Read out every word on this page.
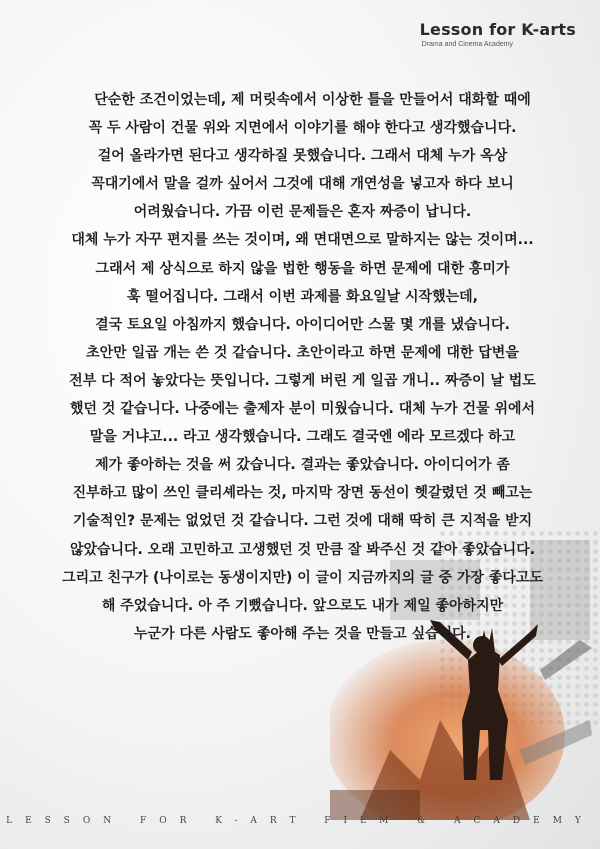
Lesson for K-arts
Drama and Cinema Academy
단순한 조건이었는데, 제 머릿속에서 이상한 틀을 만들어서 대화할 때에
꼭 두 사람이 건물 위와 지면에서 이야기를 해야 한다고 생각했습니다.
걸어 올라가면 된다고 생각하질 못했습니다. 그래서 대체 누가 옥상
꼭대기에서 말을 걸까 싶어서 그것에 대해 개연성을 넣고자 하다 보니
어려웠습니다. 가끔 이런 문제들은 혼자 짜증이 납니다.
대체 누가 자꾸 편지를 쓰는 것이며, 왜 면대면으로 말하지는 않는 것이며...
그래서 제 상식으로 하지 않을 법한 행동을 하면 문제에 대한 흥미가
훅 떨어집니다. 그래서 이번 과제를 화요일날 시작했는데,
결국 토요일 아침까지 했습니다. 아이디어만 스물 몇 개를 냈습니다.
초안만 일곱 개는 쓴 것 같습니다. 초안이라고 하면 문제에 대한 답변을
전부 다 적어 놓았다는 뜻입니다. 그렇게 버린 게 일곱 개니.. 짜증이 날 법도
했던 것 같습니다. 나중에는 출제자 분이 미웠습니다. 대체 누가 건물 위에서
말을 거냐고... 라고 생각했습니다. 그래도 결국엔 에라 모르겠다 하고
제가 좋아하는 것을 써 갔습니다. 결과는 좋았습니다. 아이디어가 좀
진부하고 많이 쓰인 클리셰라는 것, 마지막 장면 동선이 헷갈렸던 것 빼고는
기술적인? 문제는 없었던 것 같습니다. 그런 것에 대해 딱히 큰 지적을 받지
않았습니다. 오래 고민하고 고생했던 것 만큼 잘 봐주신 것 같아 좋았습니다.
그리고 친구가 (나이로는 동생이지만) 이 글이 지금까지의 글 중 가장 좋다고도
해 주었습니다. 아 주 기뻤습니다. 앞으로도 내가 제일 좋아하지만
누군가 다른 사람도 좋아해 주는 것을 만들고 싶습니다.
LESSON FOR K-ART FILM & ACADEMY
